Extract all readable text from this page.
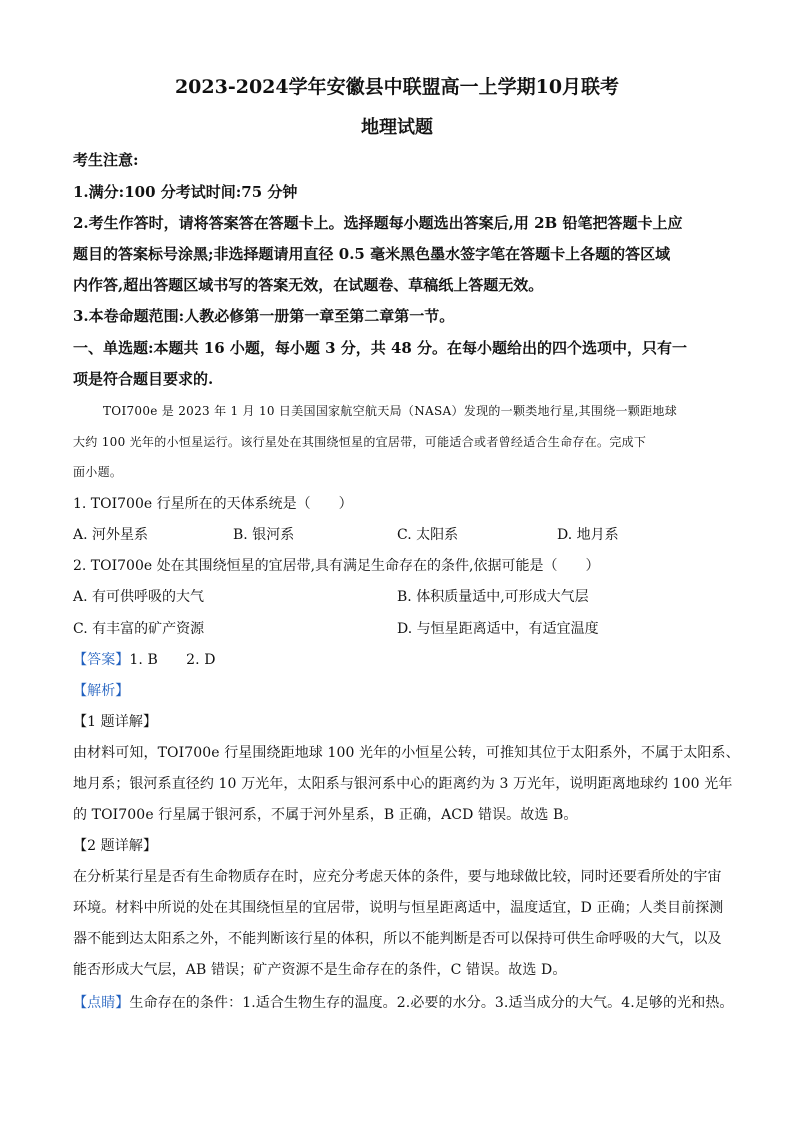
2023-2024学年安徽县中联盟高一上学期10月联考
地理试题
考生注意:
1.满分:100 分考试时间:75 分钟
2.考生作答时，请将答案答在答题卡上。选择题每小题选出答案后,用 2B 铅笔把答题卡上应
题目的答案标号涂黑;非选择题请用直径 0.5 毫米黑色墨水签字笔在答题卡上各题的答区域
内作答,超出答题区域书写的答案无效，在试题卷、草稿纸上答题无效。
3.本卷命题范围:人教必修第一册第一章至第二章第一节。
一、单选题:本题共 16 小题，每小题 3 分，共 48 分。在每小题给出的四个选项中，只有一
项是符合题目要求的.
TOI700e 是 2023 年 1 月 10 日美国国家航空航天局（NASA）发现的一颗类地行星,其围绕一颗距地球
大约 100 光年的小恒星运行。该行星处在其围绕恒星的宜居带，可能适合或者曾经适合生命存在。完成下
面小题。
1. TOI700e 行星所在的天体系统是（　　）
A. 河外星系	B. 银河系	C. 太阳系	D. 地月系
2. TOI700e 处在其围绕恒星的宜居带,具有满足生命存在的条件,依据可能是（　　）
A. 有可供呼吸的大气	B. 体积质量适中,可形成大气层
C. 有丰富的矿产资源	D. 与恒星距离适中，有适宜温度
【答案】1. B　　2. D
【解析】
【1 题详解】
由材料可知，TOI700e 行星围绕距地球 100 光年的小恒星公转，可推知其位于太阳系外，不属于太阳系、
地月系；银河系直径约 10 万光年，太阳系与银河系中心的距离约为 3 万光年，说明距离地球约 100 光年
的 TOI700e 行星属于银河系，不属于河外星系，B 正确，ACD 错误。故选 B。
【2 题详解】
在分析某行星是否有生命物质存在时，应充分考虑天体的条件，要与地球做比较，同时还要看所处的宇宙
环境。材料中所说的处在其围绕恒星的宜居带，说明与恒星距离适中，温度适宜，D 正确；人类目前探测
器不能到达太阳系之外，不能判断该行星的体积，所以不能判断是否可以保持可供生命呼吸的大气，以及
能否形成大气层，AB 错误；矿产资源不是生命存在的条件，C 错误。故选 D。
【点睛】生命存在的条件：1.适合生物生存的温度。2.必要的水分。3.适当成分的大气。4.足够的光和热。
